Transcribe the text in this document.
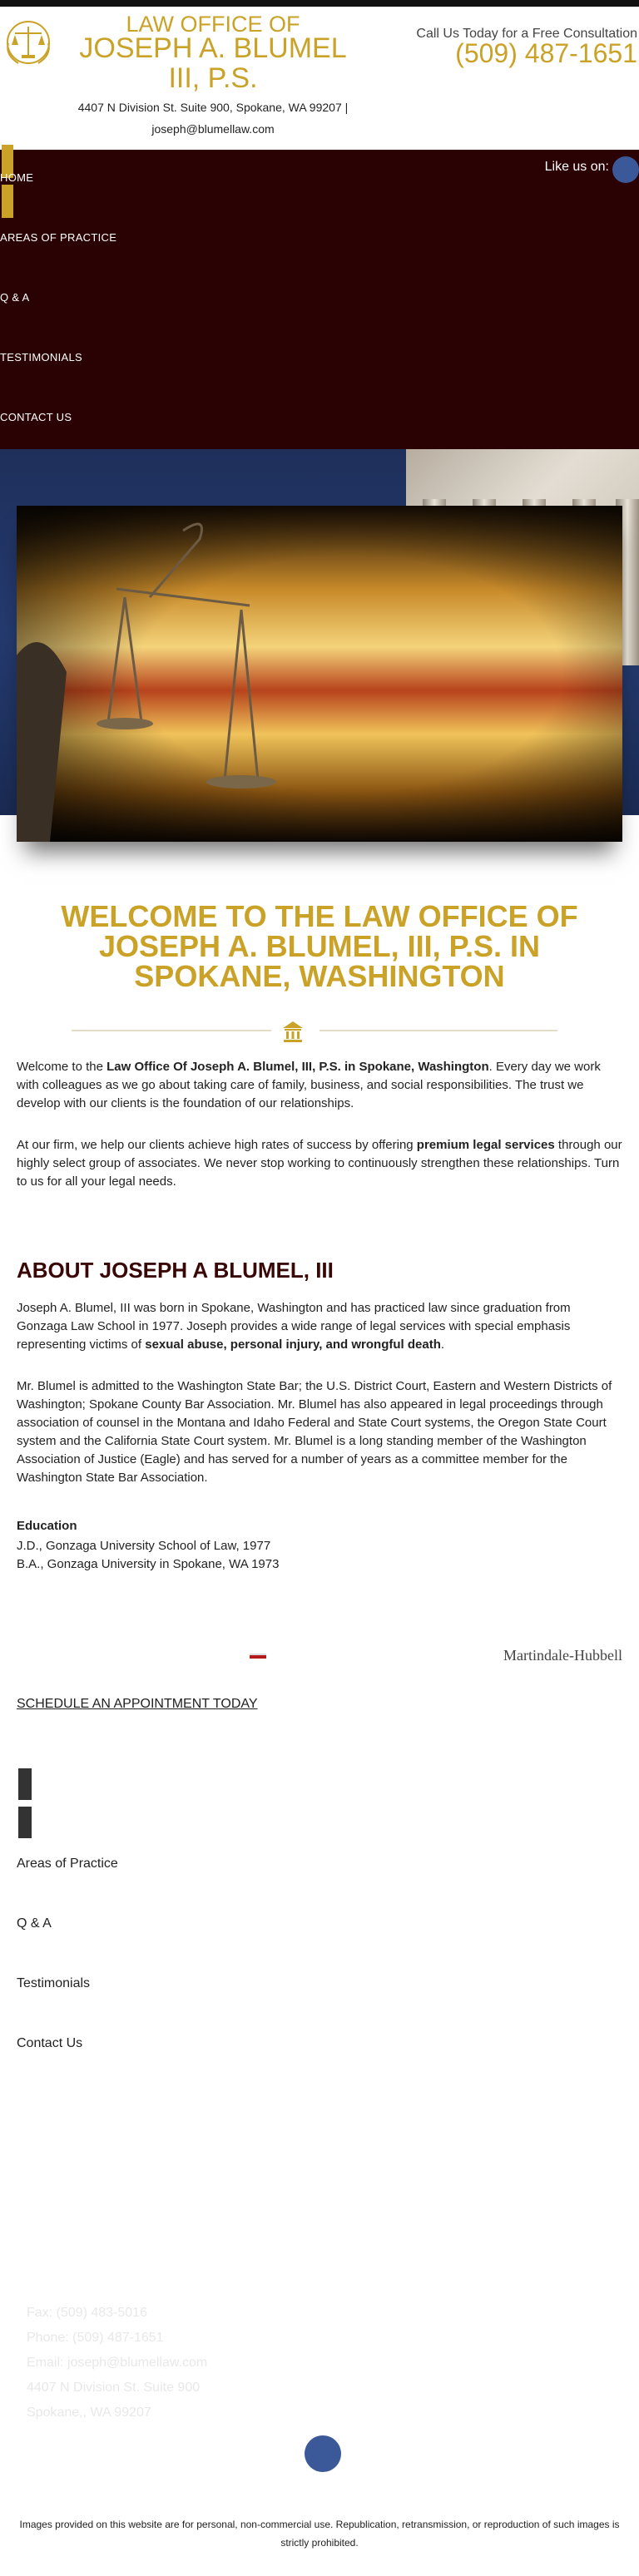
LAW OFFICE OF
JOSEPH A. BLUMEL III, P.S.
4407 N Division St. Suite 900, Spokane, WA 99207 |
joseph@blumellaw.com
Call Us Today for a Free Consultation
(509) 487-1651
HOME
AREAS OF PRACTICE
Q & A
TESTIMONIALS
CONTACT US
Like us on:
WELCOME TO THE LAW OFFICE OF JOSEPH A. BLUMEL, III, P.S. IN SPOKANE, WASHINGTON

Welcome to the Law Office Of Joseph A. Blumel, III, P.S. in Spokane, Washington. Every day we work with colleagues as we go about taking care of family, business, and social responsibilities. The trust we develop with our clients is the foundation of our relationships.

At our firm, we help our clients achieve high rates of success by offering premium legal services through our highly select group of associates. We never stop working to continuously strengthen these relationships. Turn to us for all your legal needs.

ABOUT JOSEPH A BLUMEL, III

Joseph A. Blumel, III was born in Spokane, Washington and has practiced law since graduation from Gonzaga Law School in 1977. Joseph provides a wide range of legal services with special emphasis representing victims of sexual abuse, personal injury, and wrongful death.

Mr. Blumel is admitted to the Washington State Bar; the U.S. District Court, Eastern and Western Districts of Washington; Spokane County Bar Association. Mr. Blumel has also appeared in legal proceedings through association of counsel in the Montana and Idaho Federal and State Court systems, the Oregon State Court system and the California State Court system. Mr. Blumel is a long standing member of the Washington Association of Justice (Eagle) and has served for a number of years as a committee member for the Washington State Bar Association.

Education
J.D., Gonzaga University School of Law, 1977
B.A., Gonzaga University in Spokane, WA 1973
Martindale-Hubbell
SCHEDULE AN APPOINTMENT TODAY
Areas of Practice
Q & A
Testimonials
Contact Us
Fax: (509) 483-5016
Phone: (509) 487-1651
Email: joseph@blumellaw.com
4407 N Division St. Suite 900
Spokane,, WA 99207
Images provided on this website are for personal, non-commercial use. Republication, retransmission, or reproduction of such images is strictly prohibited.
